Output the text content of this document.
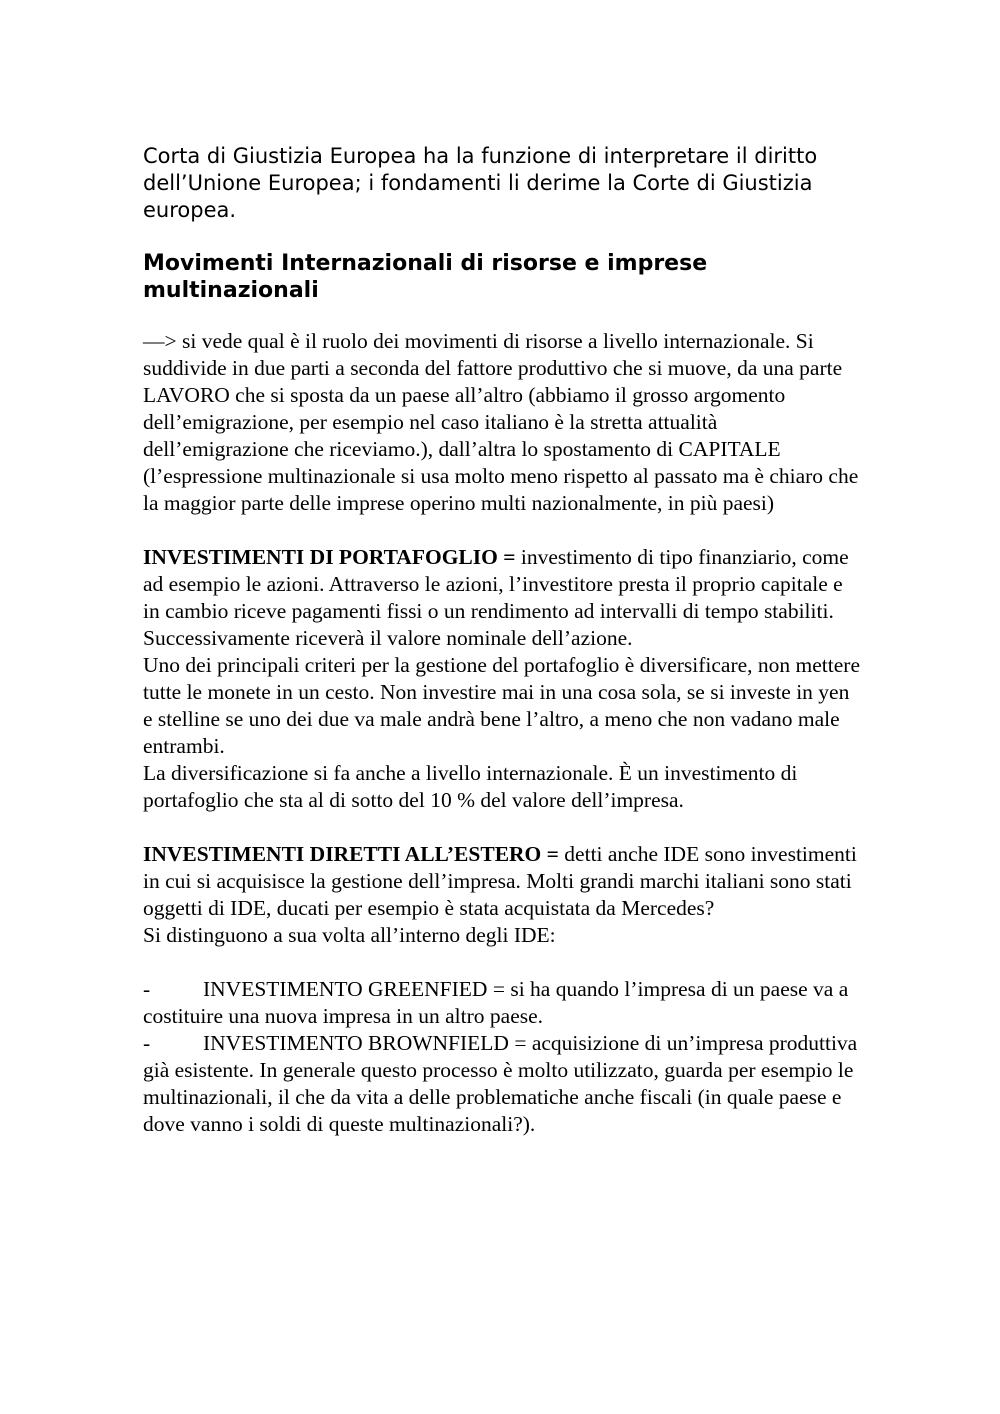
Corta di Giustizia Europea ha la funzione di interpretare il diritto dell’Unione Europea; i fondamenti li derime la Corte di Giustizia europea.

Movimenti Internazionali di risorse e imprese multinazionali

—> si vede qual è il ruolo dei movimenti di risorse a livello internazionale. Si suddivide in due parti a seconda del fattore produttivo che si muove, da una parte LAVORO che si sposta da un paese all’altro (abbiamo il grosso argomento dell’emigrazione, per esempio nel caso italiano è la stretta attualità dell’emigrazione che riceviamo.), dall’altra lo spostamento di CAPITALE (l’espressione multinazionale si usa molto meno rispetto al passato ma è chiaro che la maggior parte delle imprese operino multi nazionalmente, in più paesi)

INVESTIMENTI DI PORTAFOGLIO = investimento di tipo finanziario, come ad esempio le azioni. Attraverso le azioni, l’investitore presta il proprio capitale e in cambio riceve pagamenti fissi o un rendimento ad intervalli di tempo stabiliti. Successivamente riceverà il valore nominale dell’azione.

Uno dei principali criteri per la gestione del portafoglio è diversificare, non mettere tutte le monete in un cesto. Non investire mai in una cosa sola, se si investe in yen e stelline se uno dei due va male andrà bene l’altro, a meno che non vadano male entrambi.

La diversificazione si fa anche a livello internazionale. È un investimento di portafoglio che sta al di sotto del 10 % del valore dell’impresa.

INVESTIMENTI DIRETTI ALL’ESTERO = detti anche IDE sono investimenti in cui si acquisisce la gestione dell’impresa. Molti grandi marchi italiani sono stati oggetti di IDE, ducati per esempio è stata acquistata da Mercedes?

Si distinguono a sua volta all’interno degli IDE:

- INVESTIMENTO GREENFIED = si ha quando l’impresa di un paese va a costituire una nuova impresa in un altro paese.

- INVESTIMENTO BROWNFIELD = acquisizione di un’impresa produttiva già esistente. In generale questo processo è molto utilizzato, guarda per esempio le multinazionali, il che da vita a delle problematiche anche fiscali (in quale paese e dove vanno i soldi di queste multinazionali?).
